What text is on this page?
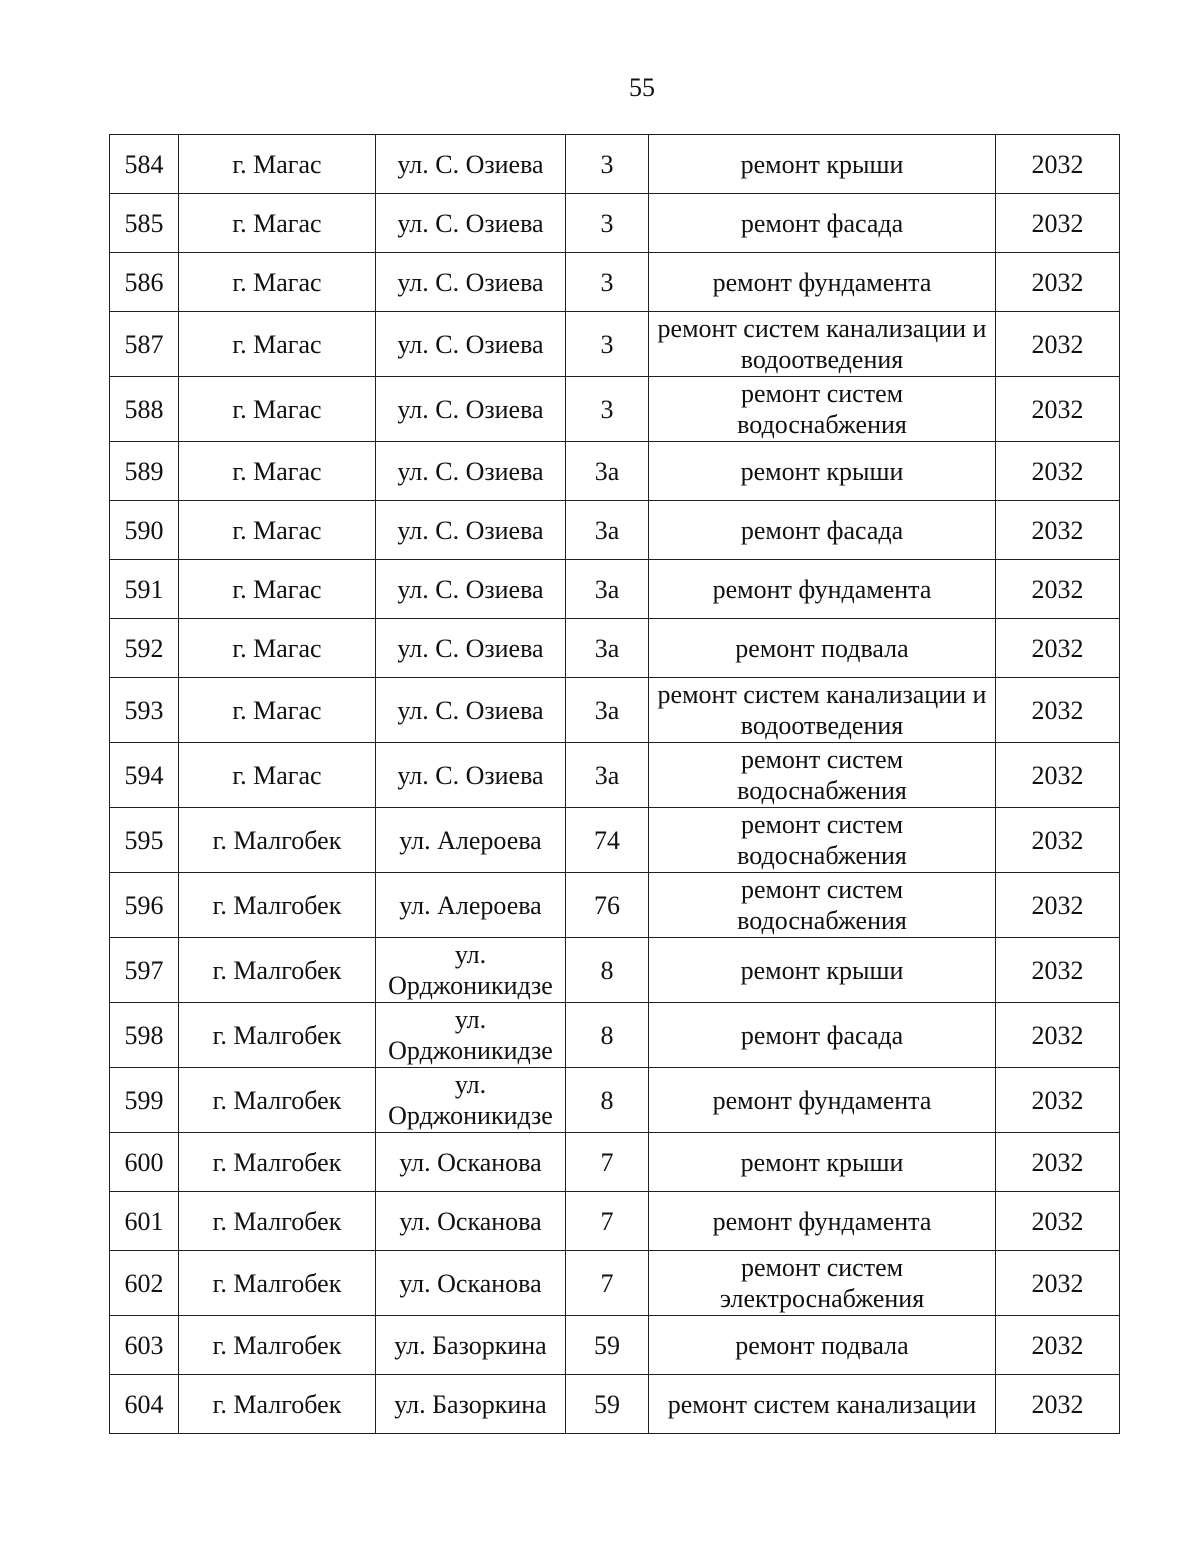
55
584	г. Магас	ул. С. Озиева	3	ремонт крыши	2032
585	г. Магас	ул. С. Озиева	3	ремонт фасада	2032
586	г. Магас	ул. С. Озиева	3	ремонт фундамента	2032
587	г. Магас	ул. С. Озиева	3	ремонт систем канализации и водоотведения	2032
588	г. Магас	ул. С. Озиева	3	ремонт систем водоснабжения	2032
589	г. Магас	ул. С. Озиева	3а	ремонт крыши	2032
590	г. Магас	ул. С. Озиева	3а	ремонт фасада	2032
591	г. Магас	ул. С. Озиева	3а	ремонт фундамента	2032
592	г. Магас	ул. С. Озиева	3а	ремонт подвала	2032
593	г. Магас	ул. С. Озиева	3а	ремонт систем канализации и водоотведения	2032
594	г. Магас	ул. С. Озиева	3а	ремонт систем водоснабжения	2032
595	г. Малгобек	ул. Алероева	74	ремонт систем водоснабжения	2032
596	г. Малгобек	ул. Алероева	76	ремонт систем водоснабжения	2032
597	г. Малгобек	ул. Орджоникидзе	8	ремонт крыши	2032
598	г. Малгобек	ул. Орджоникидзе	8	ремонт фасада	2032
599	г. Малгобек	ул. Орджоникидзе	8	ремонт фундамента	2032
600	г. Малгобек	ул. Осканова	7	ремонт крыши	2032
601	г. Малгобек	ул. Осканова	7	ремонт фундамента	2032
602	г. Малгобек	ул. Осканова	7	ремонт систем электроснабжения	2032
603	г. Малгобек	ул. Базоркина	59	ремонт подвала	2032
604	г. Малгобек	ул. Базоркина	59	ремонт систем канализации	2032
